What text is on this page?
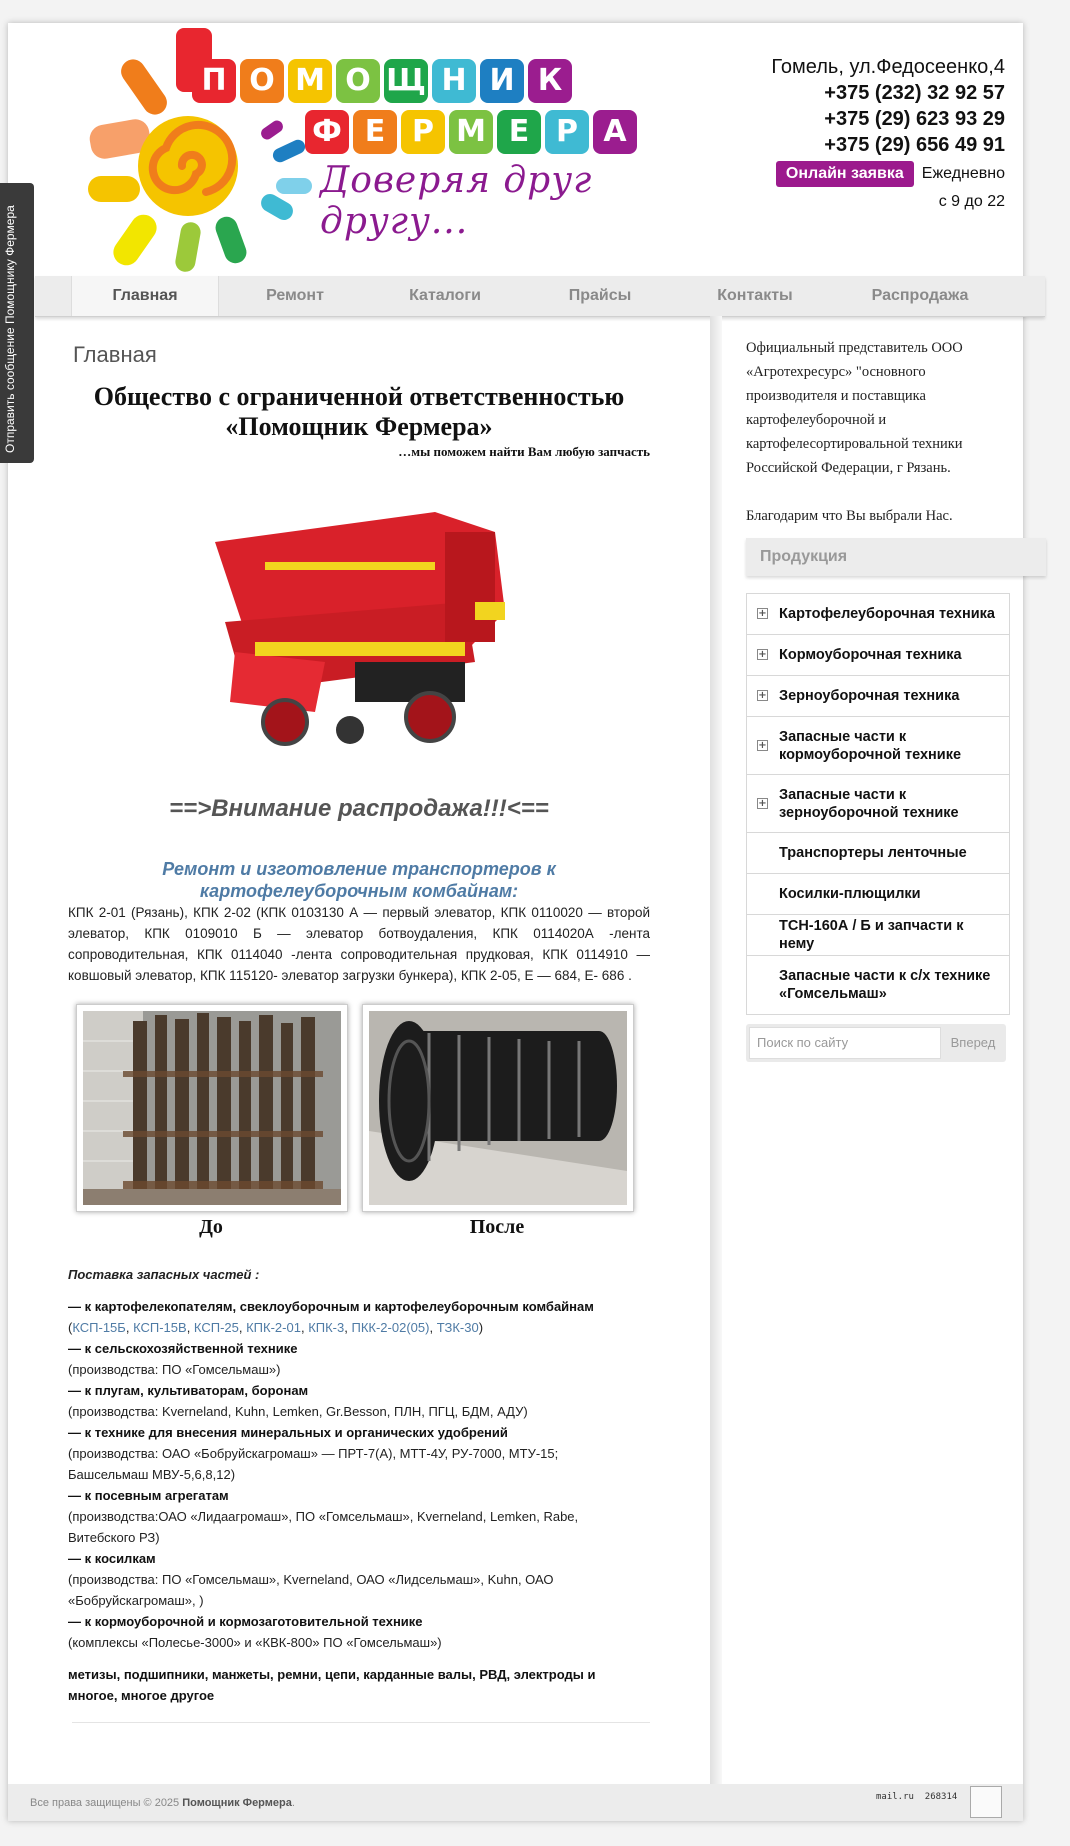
Отправить сообщение Помощнику Фермера
П О М О Щ Н И К
Ф Е Р М Е Р А
Доверяя друг другу...
Гомель, ул.Федосеенко,4
+375 (232) 32 92 57
+375 (29) 623 93 29
+375 (29) 656 49 91
Онлайн заявка	Ежедневно
с 9 до 22
Главная	Ремонт	Каталоги	Прайсы	Контакты	Распродажа
Главная
Общество с ограниченной ответственностью
«Помощник Фермера»
…мы поможем найти Вам любую запчасть
==>Внимание распродажа!!!<==
Ремонт и изготовление транспортеров к картофелеуборочным комбайнам:
КПК 2-01 (Рязань), КПК 2-02 (КПК 0103130 А — первый элеватор, КПК 0110020 — второй элеватор, КПК 0109010 Б — элеватор ботвоудаления, КПК 0114020А -лента сопроводительная, КПК 0114040 -лента сопроводительная прудковая, КПК 0114910 — ковшовый элеватор, КПК 115120- элеватор загрузки бункера), КПК 2-05, Е — 684, Е- 686 .
До	После
Поставка запасных частей :
— к картофелекопателям, свеклоуборочным и картофелеуборочным комбайнам
(КСП-15Б, КСП-15В, КСП-25, КПК-2-01, КПК-3, ПКК-2-02(05), ТЗК-30)
— к сельскохозяйственной технике
(производства: ПО «Гомсельмаш»)
— к плугам, культиваторам, боронам
(производства: Kverneland, Kuhn, Lemken, Gr.Besson, ПЛН, ПГЦ, БДМ, АДУ)
— к технике для внесения минеральных и органических удобрений
(производства: ОАО «Бобруйскагромаш» — ПРТ-7(А), МТТ-4У, РУ-7000, МТУ-15; Башсельмаш МВУ-5,6,8,12)
— к посевным агрегатам
(производства:ОАО «Лидаагромаш», ПО «Гомсельмаш», Kverneland, Lemken, Rabe, Витебского РЗ)
— к косилкам
(производства: ПО «Гомсельмаш», Kverneland, ОАО «Лидсельмаш», Kuhn, ОАО «Бобруйскагромаш», )
— к кормоуборочной и кормозаготовительной технике
(комплексы «Полесье-3000» и «КВК-800» ПО «Гомсельмаш»)
метизы, подшипники, манжеты, ремни, цепи, карданные валы, РВД, электроды и многое, многое другое
Официальный представитель ООО «Агротехресурс» "основного производителя и поставщика картофелеуборочной и картофелесортировальной техники Российской Федерации, г Рязань.
Благодарим что Вы выбрали Нас.
Продукция
+ Картофелеуборочная техника
+ Кормоуборочная техника
+ Зерноуборочная техника
+
Запасные части к кормоуборочной технике
+
Запасные части к зерноуборочной технике
Транспортеры ленточные
Косилки-плющилки
ТСН-160А / Б и запчасти к нему
Запасные части к с/х технике «Гомсельмаш»
Поиск по сайту	Вперед
Все права защищены © 2025 Помощник Фермера.	mail.ru 268314
